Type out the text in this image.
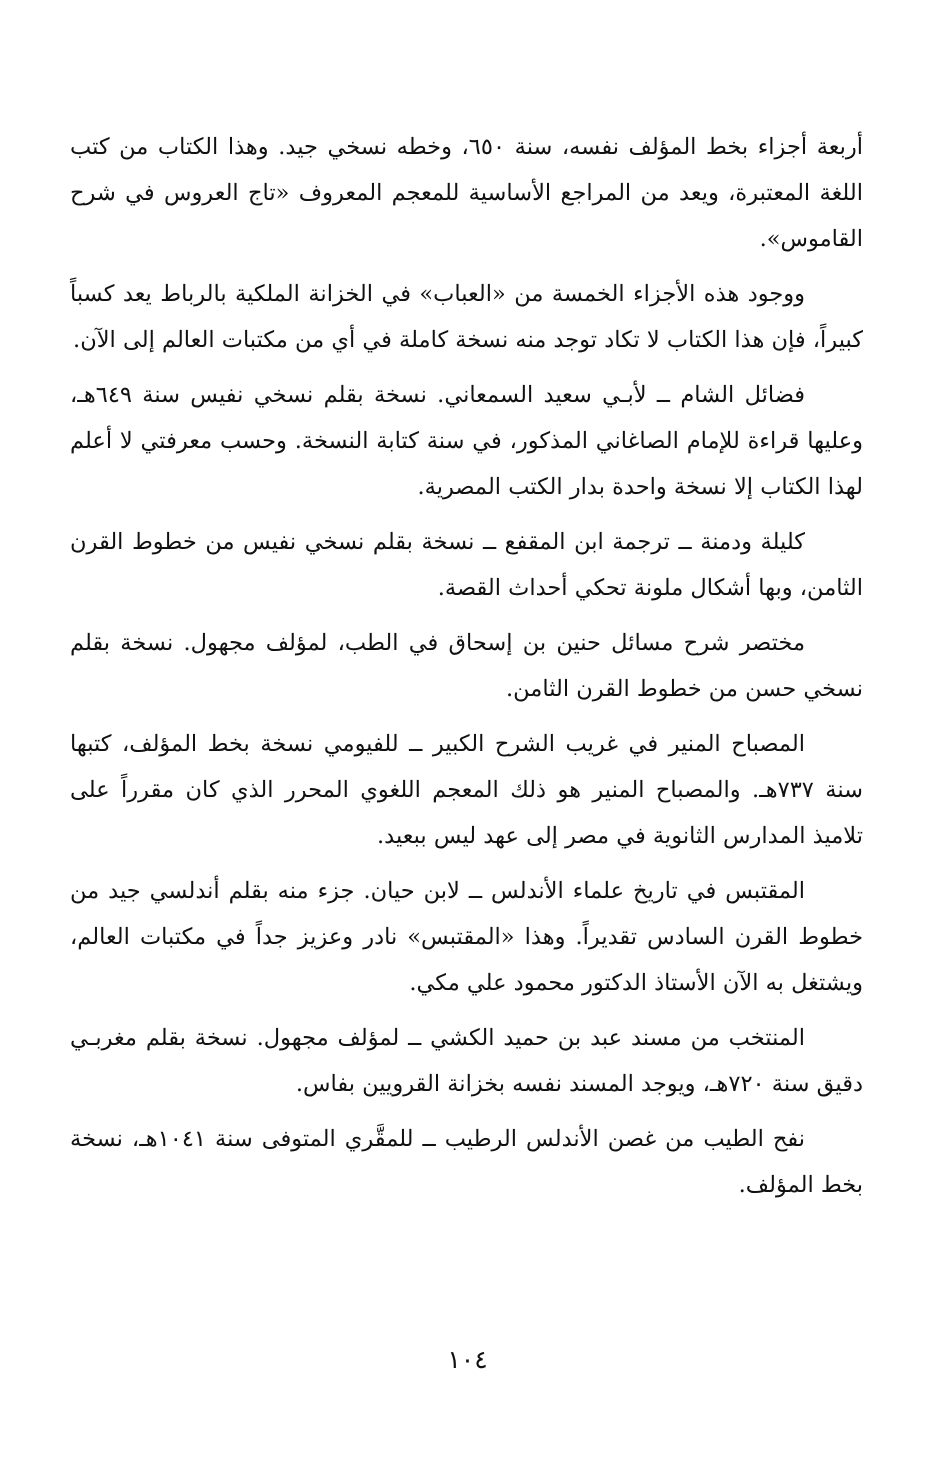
أربعة أجزاء بخط المؤلف نفسه، سنة ٦٥٠، وخطه نسخي جيد. وهذا الكتاب من كتب اللغة المعتبرة، ويعد من المراجع الأساسية للمعجم المعروف «تاج العروس في شرح القاموس».

ووجود هذه الأجزاء الخمسة من «العباب» في الخزانة الملكية بالرباط يعد كسباً كبيراً، فإن هذا الكتاب لا تكاد توجد منه نسخة كاملة في أي من مكتبات العالم إلى الآن.

فضائل الشام ــ لأبـي سعيد السمعاني. نسخة بقلم نسخي نفيس سنة ٦٤٩هـ، وعليها قراءة للإمام الصاغاني المذكور، في سنة كتابة النسخة. وحسب معرفتي لا أعلم لهذا الكتاب إلا نسخة واحدة بدار الكتب المصرية.

كليلة ودمنة ــ ترجمة ابن المقفع ــ نسخة بقلم نسخي نفيس من خطوط القرن الثامن، وبها أشكال ملونة تحكي أحداث القصة.

مختصر شرح مسائل حنين بن إسحاق في الطب، لمؤلف مجهول. نسخة بقلم نسخي حسن من خطوط القرن الثامن.

المصباح المنير في غريب الشرح الكبير ــ للفيومي نسخة بخط المؤلف، كتبها سنة ٧٣٧هـ. والمصباح المنير هو ذلك المعجم اللغوي المحرر الذي كان مقرراً على تلاميذ المدارس الثانوية في مصر إلى عهد ليس ببعيد.

المقتبس في تاريخ علماء الأندلس ــ لابن حيان. جزء منه بقلم أندلسي جيد من خطوط القرن السادس تقديراً. وهذا «المقتبس» نادر وعزيز جداً في مكتبات العالم، ويشتغل به الآن الأستاذ الدكتور محمود علي مكي.

المنتخب من مسند عبد بن حميد الكشي ــ لمؤلف مجهول. نسخة بقلم مغربـي دقيق سنة ٧٢٠هـ، ويوجد المسند نفسه بخزانة القرويين بفاس.

نفح الطيب من غصن الأندلس الرطيب ــ للمقَّري المتوفى سنة ١٠٤١هـ، نسخة بخط المؤلف.

١٠٤
